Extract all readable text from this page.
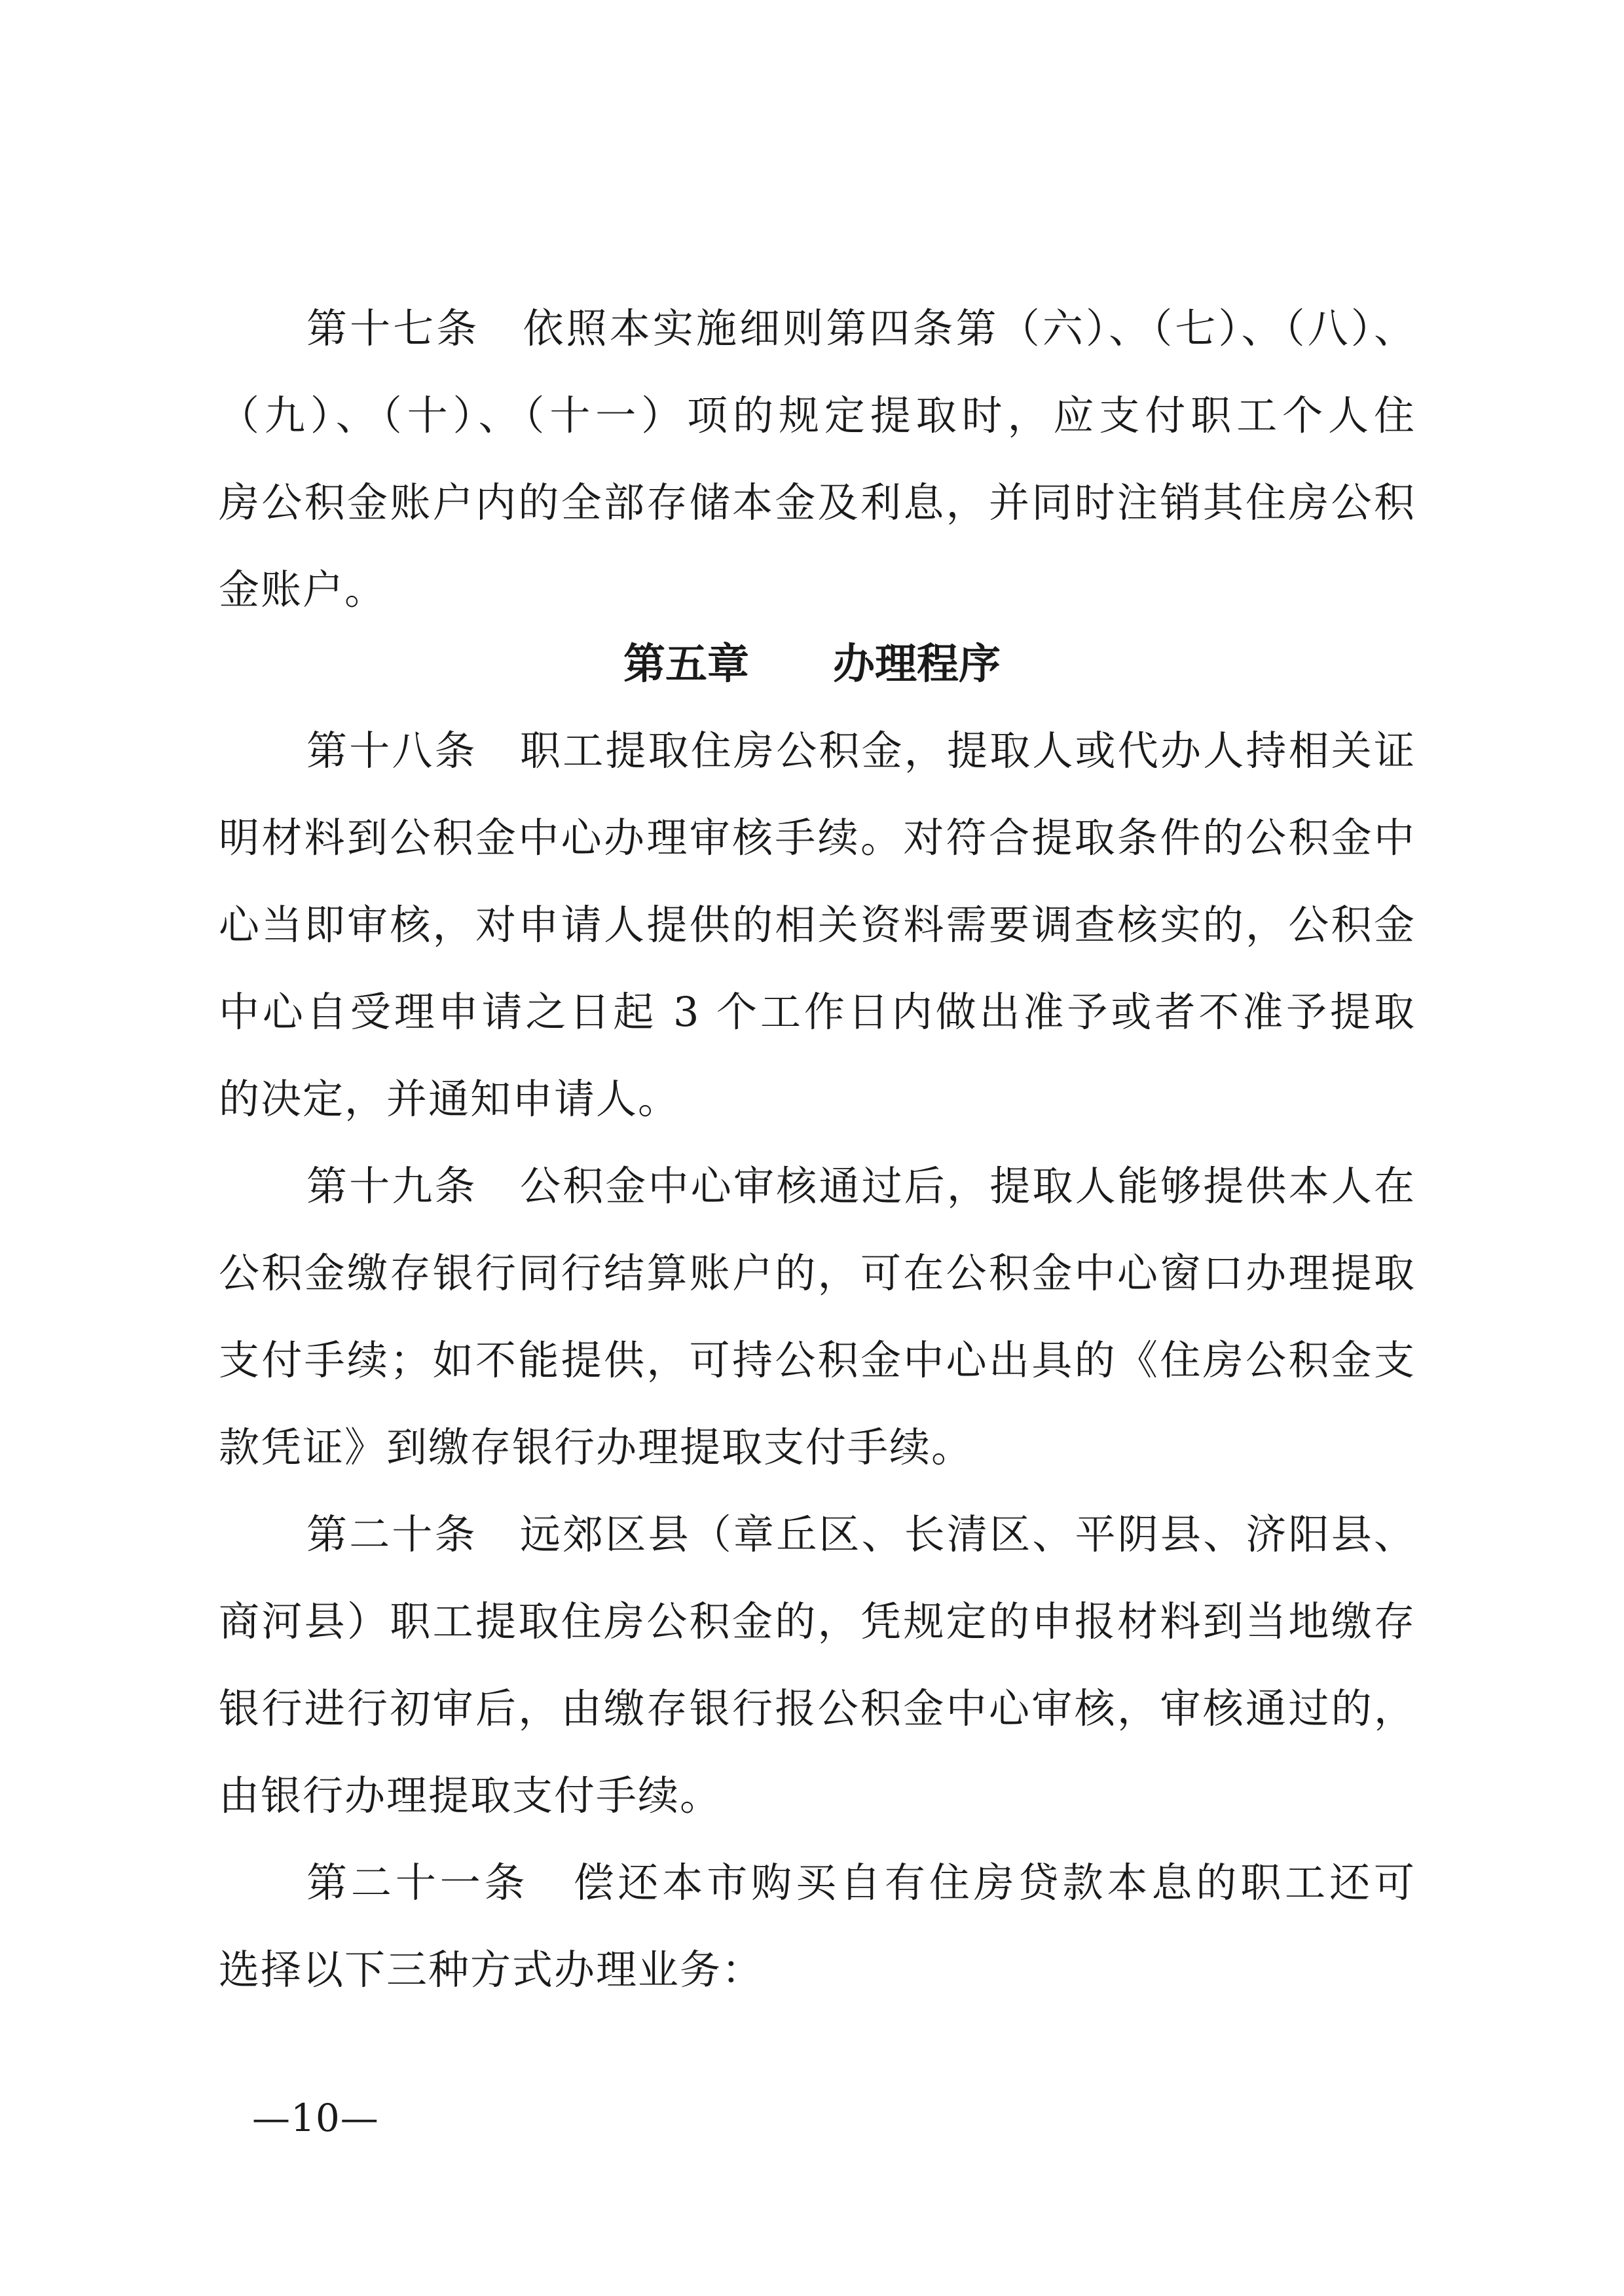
第十七条　依照本实施细则第四条第（六）、（七）、（八）、
（九）、（十）、（十一）项的规定提取时，应支付职工个人住
房公积金账户内的全部存储本金及利息，并同时注销其住房公积
金账户。
第五章　　办理程序
第十八条　职工提取住房公积金，提取人或代办人持相关证
明材料到公积金中心办理审核手续。对符合提取条件的公积金中
心当即审核，对申请人提供的相关资料需要调查核实的，公积金
中心自受理申请之日起 3 个工作日内做出准予或者不准予提取
的决定，并通知申请人。
第十九条　公积金中心审核通过后，提取人能够提供本人在
公积金缴存银行同行结算账户的，可在公积金中心窗口办理提取
支付手续；如不能提供，可持公积金中心出具的《住房公积金支
款凭证》到缴存银行办理提取支付手续。
第二十条　远郊区县（章丘区、长清区、平阴县、济阳县、
商河县）职工提取住房公积金的，凭规定的申报材料到当地缴存
银行进行初审后，由缴存银行报公积金中心审核，审核通过的，
由银行办理提取支付手续。
第二十一条　偿还本市购买自有住房贷款本息的职工还可
选择以下三种方式办理业务：
—10—
